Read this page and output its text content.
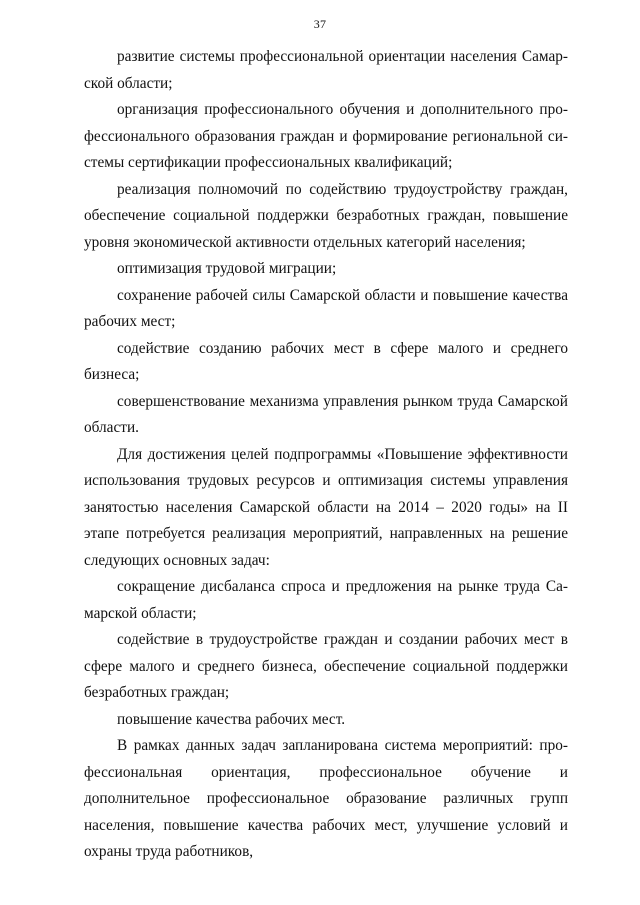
37

развитие системы профессиональной ориентации населения Самарской области;

организация профессионального обучения и дополнительного профессионального образования граждан и формирование региональной системы сертификации профессиональных квалификаций;

реализация полномочий по содействию трудоустройству граждан, обеспечение социальной поддержки безработных граждан, повышение уровня экономической активности отдельных категорий населения;

оптимизация трудовой миграции;

сохранение рабочей силы Самарской области и повышение качества рабочих мест;

содействие созданию рабочих мест в сфере малого и среднего бизнеса;

совершенствование механизма управления рынком труда Самарской области.

Для достижения целей подпрограммы «Повышение эффективности использования трудовых ресурсов и оптимизация системы управления занятостью населения Самарской области на 2014 – 2020 годы» на II этапе потребуется реализация мероприятий, направленных на решение следующих основных задач:

сокращение дисбаланса спроса и предложения на рынке труда Самарской области;

содействие в трудоустройстве граждан и создании рабочих мест в сфере малого и среднего бизнеса, обеспечение социальной поддержки безработных граждан;

повышение качества рабочих мест.

В рамках данных задач запланирована система мероприятий: профессиональная ориентация, профессиональное обучение и дополнительное профессиональное образование различных групп населения, повышение качества рабочих мест, улучшение условий и охраны труда работников,
